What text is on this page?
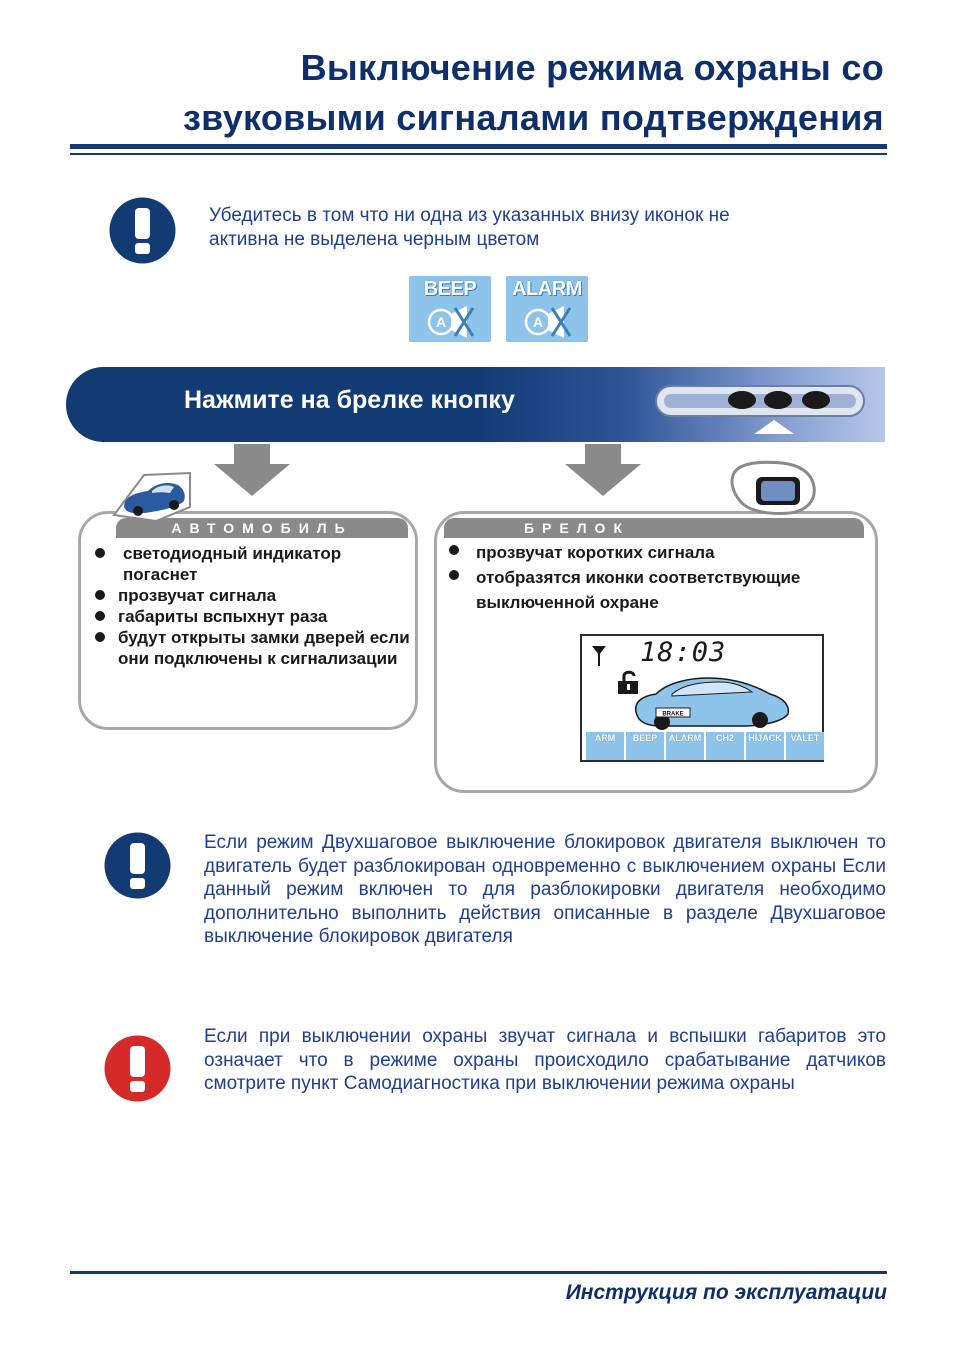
Выключение режима охраны со
звуковыми сигналами подтверждения
Убедитесь в том что ни одна из указанных внизу иконок не
активна не выделена черным цветом
BEEP
A
ALARM
A
Нажмите на брелке кнопку
АВТОМОБИЛЬ
светодиодный индикатор погаснет
прозвучат сигнала
габариты вспыхнут раза
будут открыты замки дверей если они подключены к сигнализации
БРЕЛОК
прозвучат коротких сигнала
отобразятся иконки соответствующие выключенной охране
18:03
BRAKE
ARM	BEEP	ALARM	CH2	HIJACK VALET
Если режим Двухшаговое выключение блокировок двигателя выключен то двигатель будет разблокирован одновременно с выключением охраны Если данный режим включен то для разблокировки двигателя необходимо дополнительно выполнить действия описанные в разделе Двухшаговое выключение блокировок двигателя
Если при выключении охраны звучат сигнала и вспышки габаритов это означает что в режиме охраны происходило срабатывание датчиков смотрите пункт Самодиагностика при выключении режима охраны
Инструкция по эксплуатации
